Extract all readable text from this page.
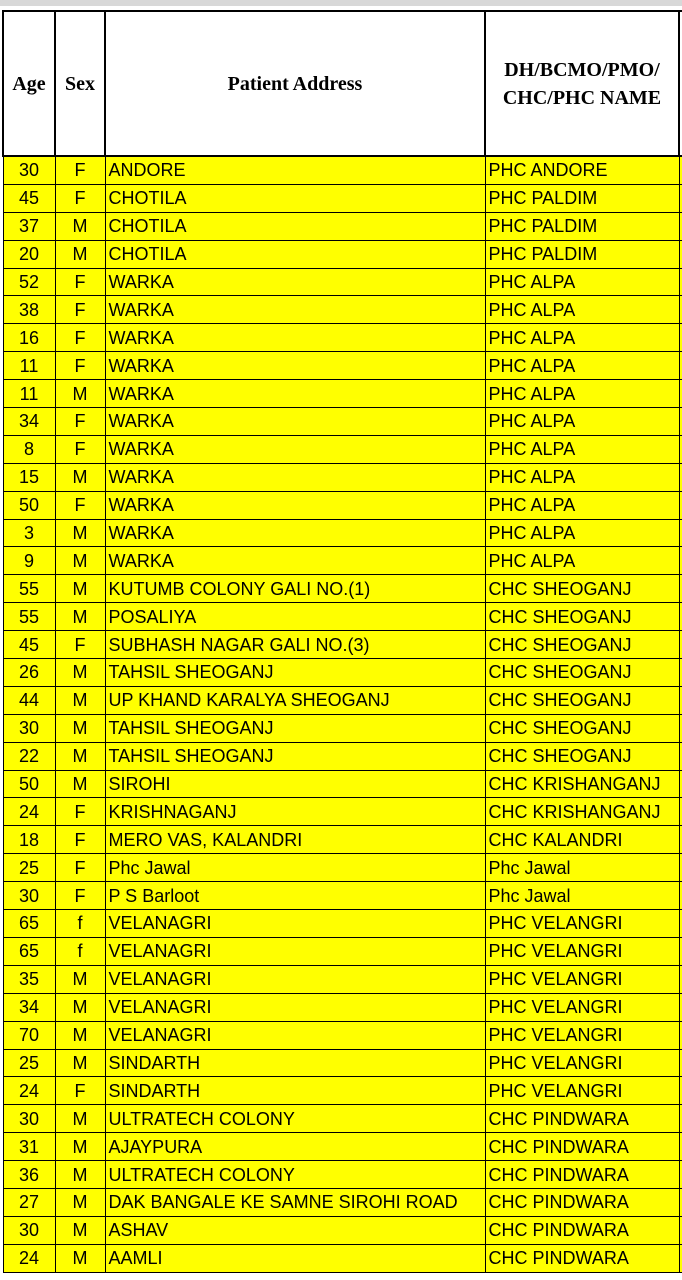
Age	Sex	Patient Address	DH/BCMO/PMO/
CHC/PHC NAME	
30	F	ANDORE	PHC ANDORE	
45	F	CHOTILA	PHC PALDIM	
37	M	CHOTILA	PHC PALDIM	
20	M	CHOTILA	PHC PALDIM	
52	F	WARKA	PHC ALPA	
38	F	WARKA	PHC ALPA	
16	F	WARKA	PHC ALPA	
11	F	WARKA	PHC ALPA	
11	M	WARKA	PHC ALPA	
34	F	WARKA	PHC ALPA	
8	F	WARKA	PHC ALPA	
15	M	WARKA	PHC ALPA	
50	F	WARKA	PHC ALPA	
3	M	WARKA	PHC ALPA	
9	M	WARKA	PHC ALPA	
55	M	KUTUMB COLONY GALI NO.(1)	CHC SHEOGANJ	
55	M	POSALIYA	CHC SHEOGANJ	
45	F	SUBHASH NAGAR GALI NO.(3)	CHC SHEOGANJ	
26	M	TAHSIL SHEOGANJ	CHC SHEOGANJ	
44	M	UP KHAND KARALYA SHEOGANJ	CHC SHEOGANJ	
30	M	TAHSIL SHEOGANJ	CHC SHEOGANJ	
22	M	TAHSIL SHEOGANJ	CHC SHEOGANJ	
50	M	SIROHI	CHC KRISHANGANJ	
24	F	KRISHNAGANJ	CHC KRISHANGANJ	
18	F	MERO VAS, KALANDRI	CHC KALANDRI	
25	F	Phc Jawal	Phc Jawal	
30	F	P S Barloot	Phc Jawal	
65	f	VELANAGRI	PHC VELANGRI	
65	f	VELANAGRI	PHC VELANGRI	
35	M	VELANAGRI	PHC VELANGRI	
34	M	VELANAGRI	PHC VELANGRI	
70	M	VELANAGRI	PHC VELANGRI	
25	M	SINDARTH	PHC VELANGRI	
24	F	SINDARTH	PHC VELANGRI	
30	M	ULTRATECH COLONY	CHC PINDWARA	
31	M	AJAYPURA	CHC PINDWARA	
36	M	ULTRATECH COLONY	CHC PINDWARA	
27	M	DAK BANGALE KE SAMNE SIROHI ROAD	CHC PINDWARA	
30	M	ASHAV	CHC PINDWARA	
24	M	AAMLI	CHC PINDWARA	
